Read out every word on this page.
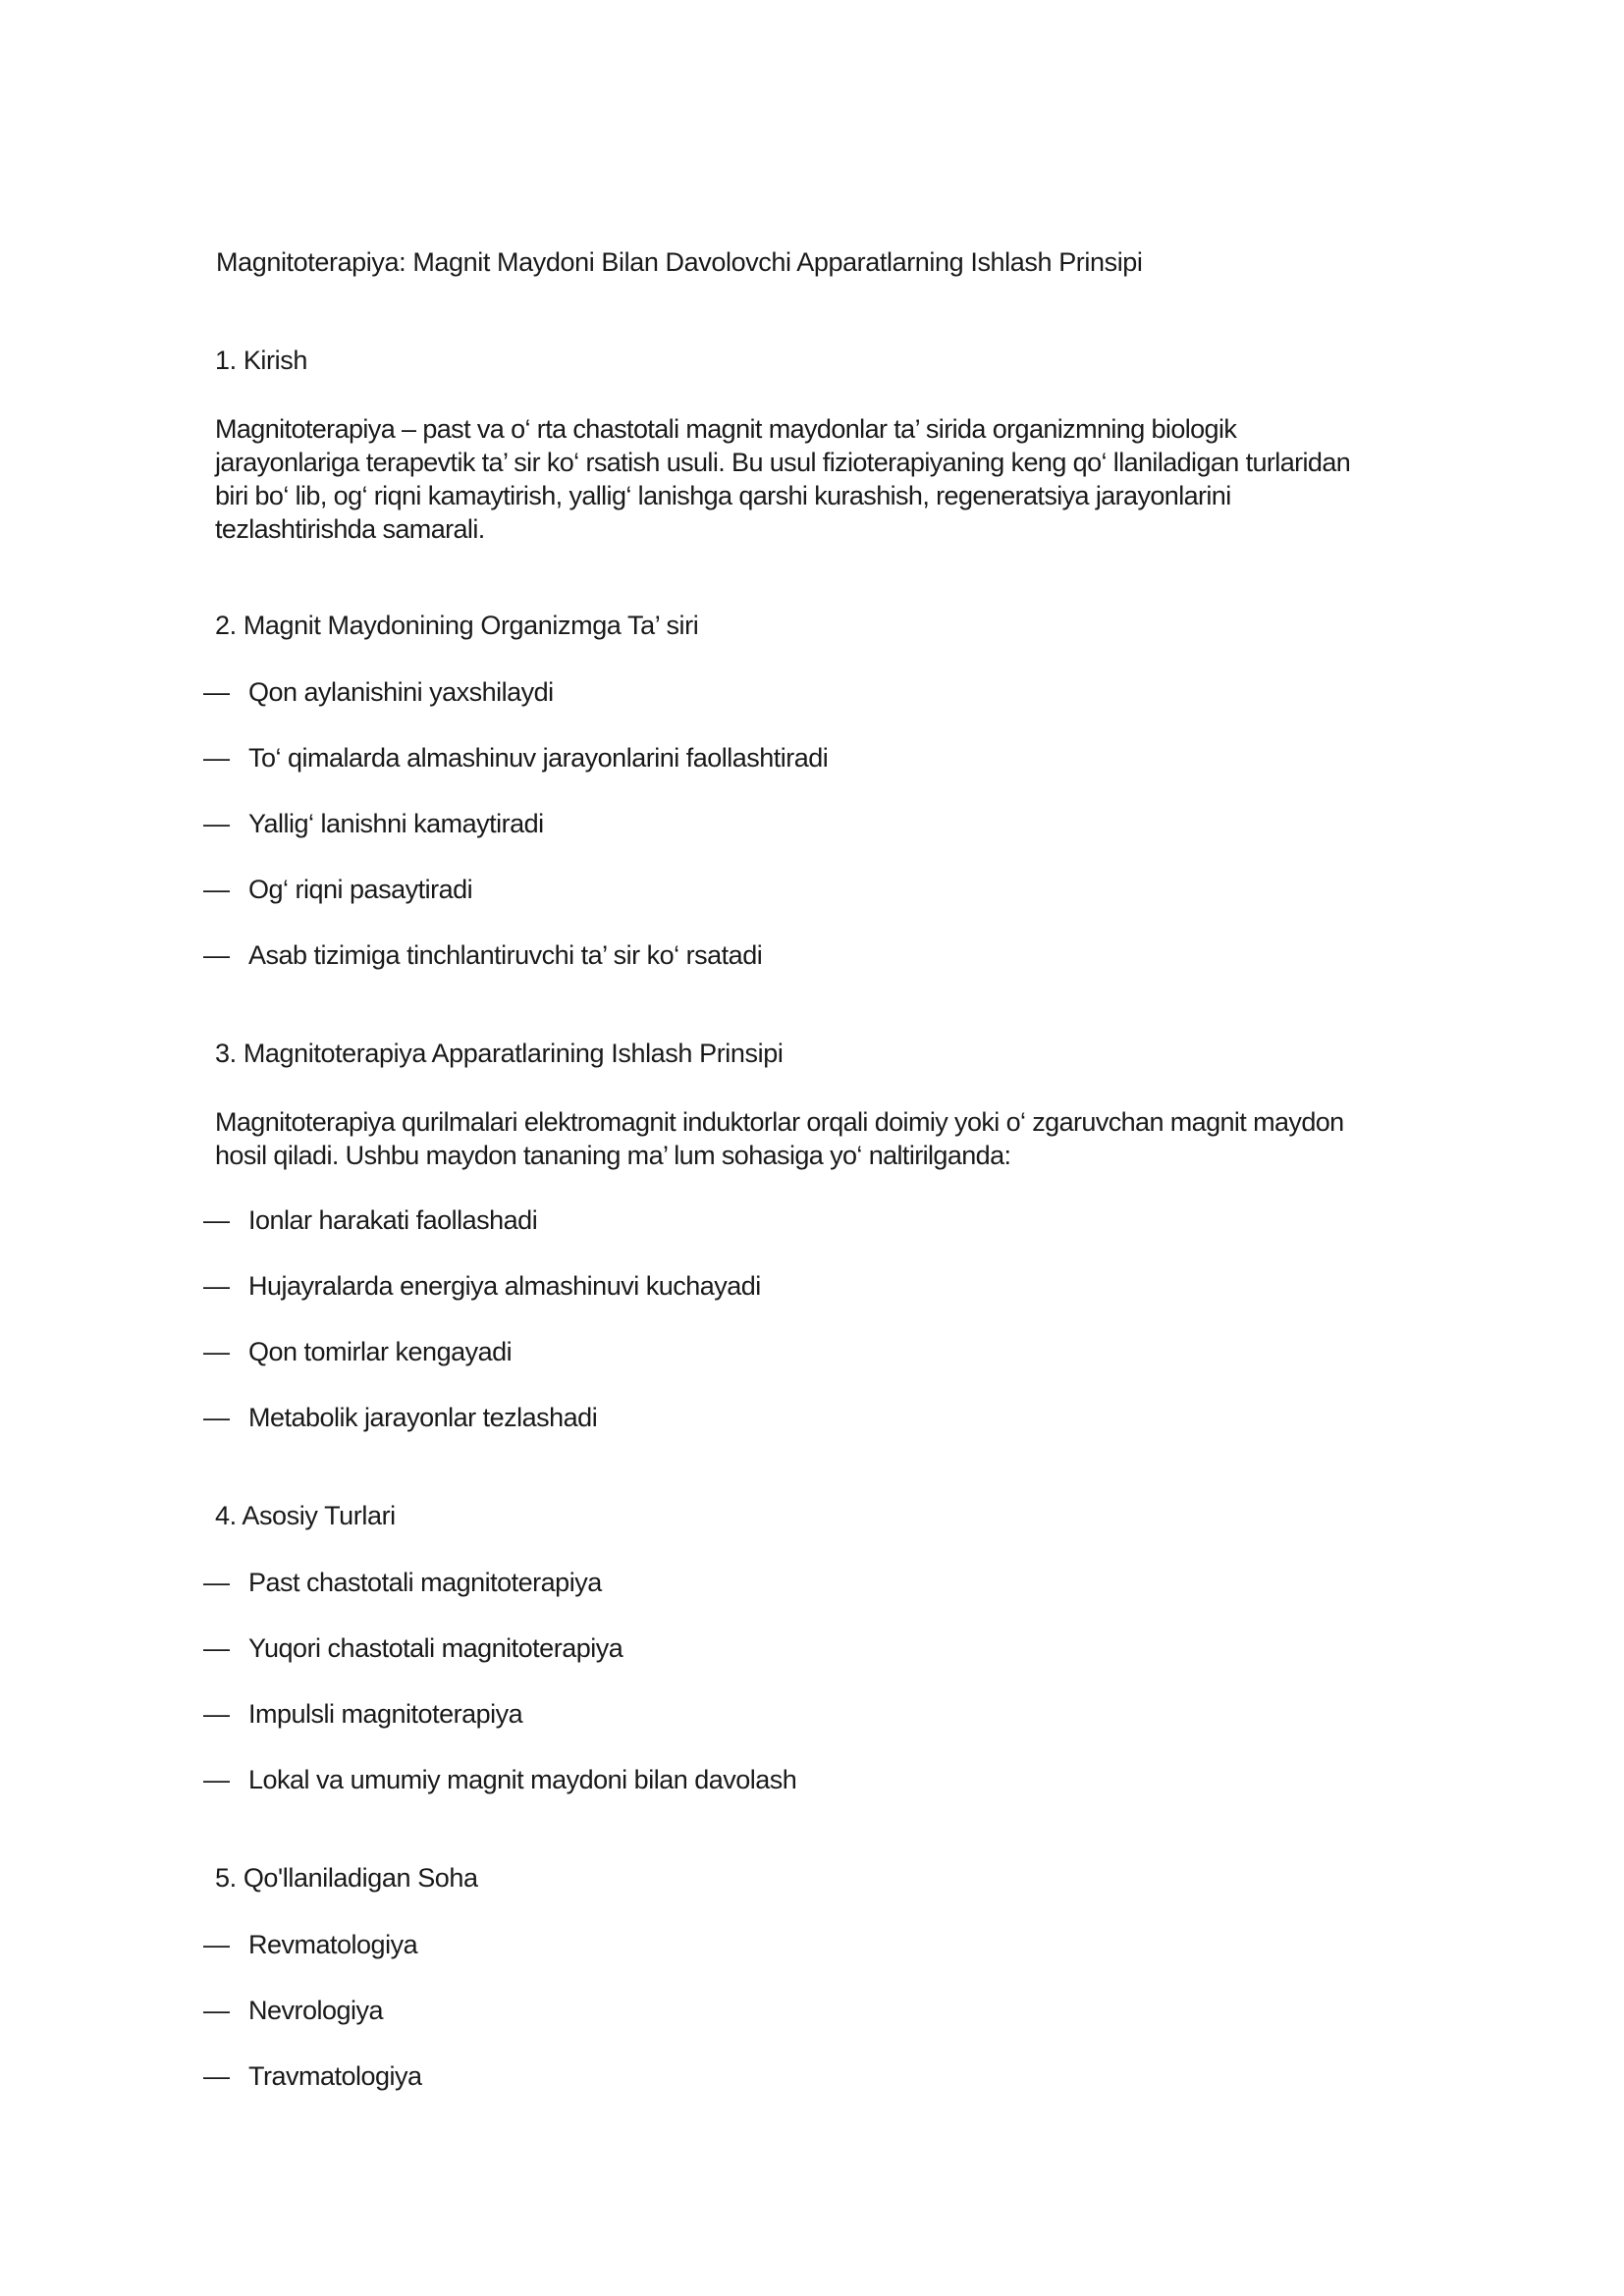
Magnitoterapiya: Magnit Maydoni Bilan Davolovchi Apparatlarning Ishlash Prinsipi
1. Kirish
Magnitoterapiya – past va o‘ rta chastotali magnit maydonlar ta’ sirida organizmning biologik
jarayonlariga terapevtik ta’ sir ko‘ rsatish usuli. Bu usul fizioterapiyaning keng qo‘ llaniladigan turlaridan
biri bo‘ lib, og‘ riqni kamaytirish, yallig‘ lanishga qarshi kurashish, regeneratsiya jarayonlarini
tezlashtirishda samarali.
2. Magnit Maydonining Organizmga Ta’ siri
— Qon aylanishini yaxshilaydi
— To‘ qimalarda almashinuv jarayonlarini faollashtiradi
— Yallig‘ lanishni kamaytiradi
— Og‘ riqni pasaytiradi
— Asab tizimiga tinchlantiruvchi ta’ sir ko‘ rsatadi
3. Magnitoterapiya Apparatlarining Ishlash Prinsipi
Magnitoterapiya qurilmalari elektromagnit induktorlar orqali doimiy yoki o‘ zgaruvchan magnit maydon
hosil qiladi. Ushbu maydon tananing ma’ lum sohasiga yo‘ naltirilganda:
— Ionlar harakati faollashadi
— Hujayralarda energiya almashinuvi kuchayadi
— Qon tomirlar kengayadi
— Metabolik jarayonlar tezlashadi
4. Asosiy Turlari
— Past chastotali magnitoterapiya
— Yuqori chastotali magnitoterapiya
— Impulsli magnitoterapiya
— Lokal va umumiy magnit maydoni bilan davolash
5. Qo'llaniladigan Soha
— Revmatologiya
— Nevrologiya
— Travmatologiya
